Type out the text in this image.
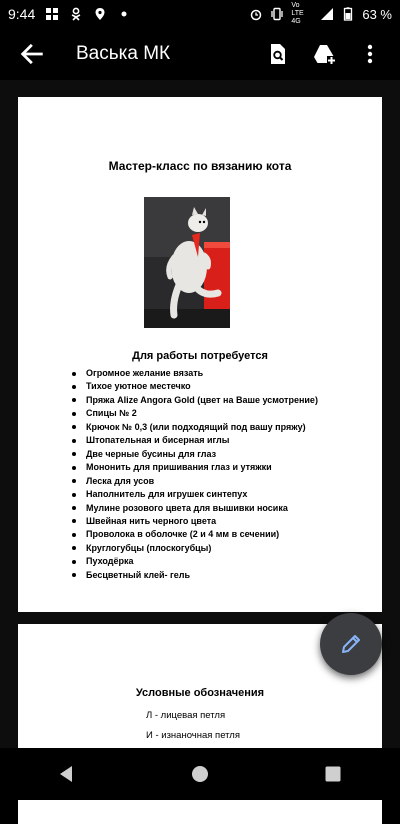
9:44
Vo LTE 4G	63 %
Васька МК
Мастер-класс по вязанию кота
Для работы потребуется
Огромное желание вязать
Тихое уютное местечко
Пряжа Alize Angora Gold (цвет на Ваше усмотрение)
Спицы № 2
Крючок № 0,3 (или подходящий под вашу пряжу)
Штопательная и бисерная иглы
Две черные бусины для глаз
Мононить для пришивания глаз и утяжки
Леска для усов
Наполнитель для игрушек синтепух
Мулине розового цвета для вышивки носика
Швейная нить черного цвета
Проволока в оболочке (2 и 4 мм в сечении)
Круглогубцы (плоскогубцы)
Пуходёрка
Бесцветный клей- гель
Условные обозначения
Л - лицевая петля
И - изнаночная петля
